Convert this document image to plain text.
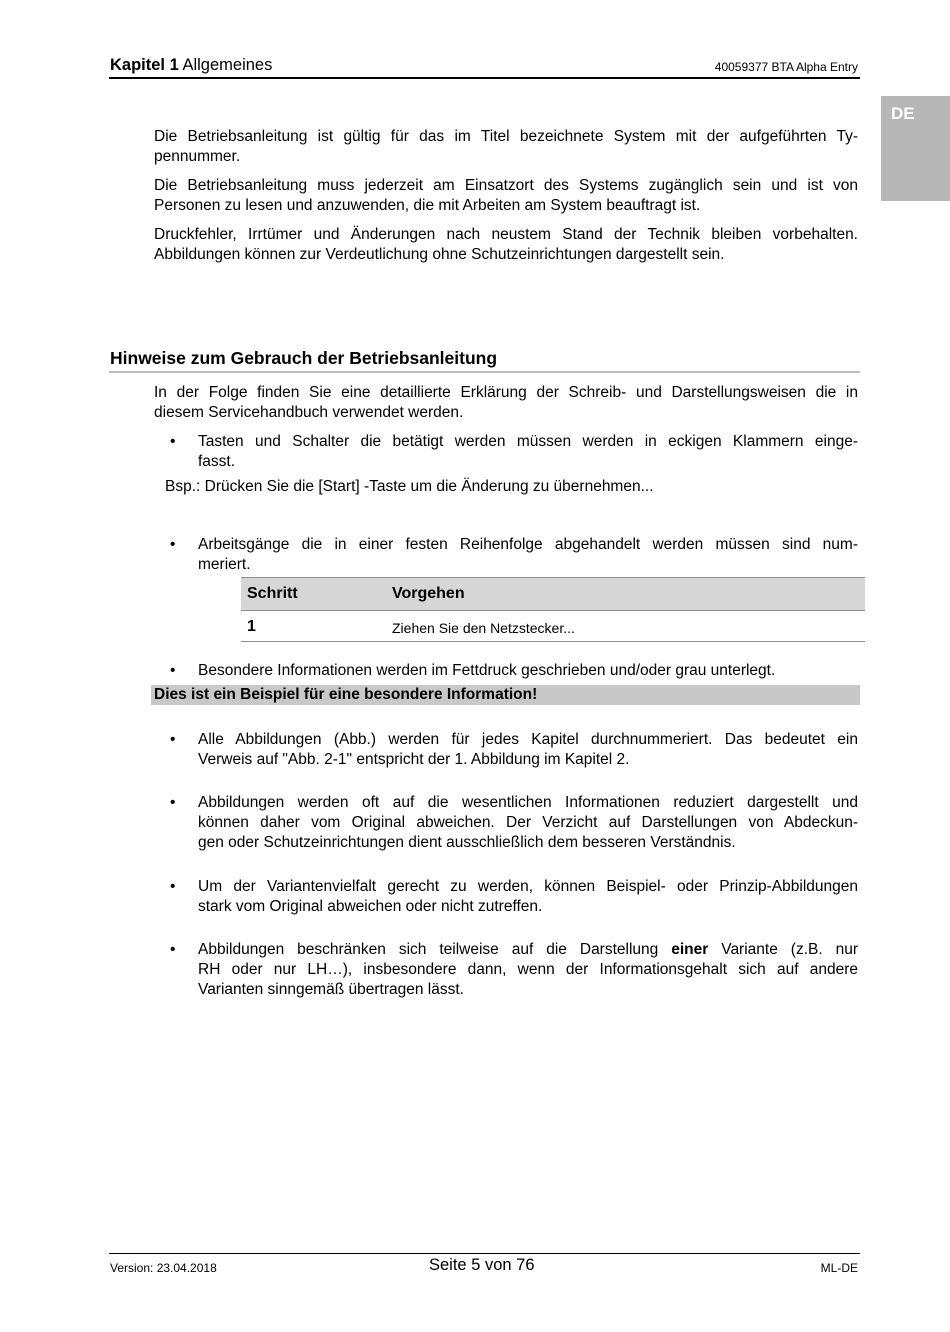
Kapitel 1 Allgemeines	40059377 BTA Alpha Entry
DE
Die Betriebsanleitung ist gültig für das im Titel bezeichnete System mit der aufgeführten Ty-
pennummer.
Die Betriebsanleitung muss jederzeit am Einsatzort des Systems zugänglich sein und ist von
Personen zu lesen und anzuwenden, die mit Arbeiten am System beauftragt ist.
Druckfehler, Irrtümer und Änderungen nach neustem Stand der Technik bleiben vorbehalten.
Abbildungen können zur Verdeutlichung ohne Schutzeinrichtungen dargestellt sein.
Hinweise zum Gebrauch der Betriebsanleitung
In der Folge finden Sie eine detaillierte Erklärung der Schreib- und Darstellungsweisen die in
diesem Servicehandbuch verwendet werden.
• Tasten und Schalter die betätigt werden müssen werden in eckigen Klammern einge-
fasst.
Bsp.: Drücken Sie die [Start] -Taste um die Änderung zu übernehmen...
• Arbeitsgänge die in einer festen Reihenfolge abgehandelt werden müssen sind num-
meriert.
Schritt	Vorgehen
1	Ziehen Sie den Netzstecker...
• Besondere Informationen werden im Fettdruck geschrieben und/oder grau unterlegt.
Dies ist ein Beispiel für eine besondere Information!
• Alle Abbildungen (Abb.) werden für jedes Kapitel durchnummeriert. Das bedeutet ein
Verweis auf "Abb. 2-1" entspricht der 1. Abbildung im Kapitel 2.
• Abbildungen werden oft auf die wesentlichen Informationen reduziert dargestellt und
können daher vom Original abweichen. Der Verzicht auf Darstellungen von Abdeckun-
gen oder Schutzeinrichtungen dient ausschließlich dem besseren Verständnis.
• Um der Variantenvielfalt gerecht zu werden, können Beispiel- oder Prinzip-Abbildungen
stark vom Original abweichen oder nicht zutreffen.
• Abbildungen beschränken sich teilweise auf die Darstellung einer Variante (z.B. nur
RH oder nur LH…), insbesondere dann, wenn der Informationsgehalt sich auf andere
Varianten sinngemäß übertragen lässt.
Version: 23.04.2018	Seite 5 von 76	ML-DE
